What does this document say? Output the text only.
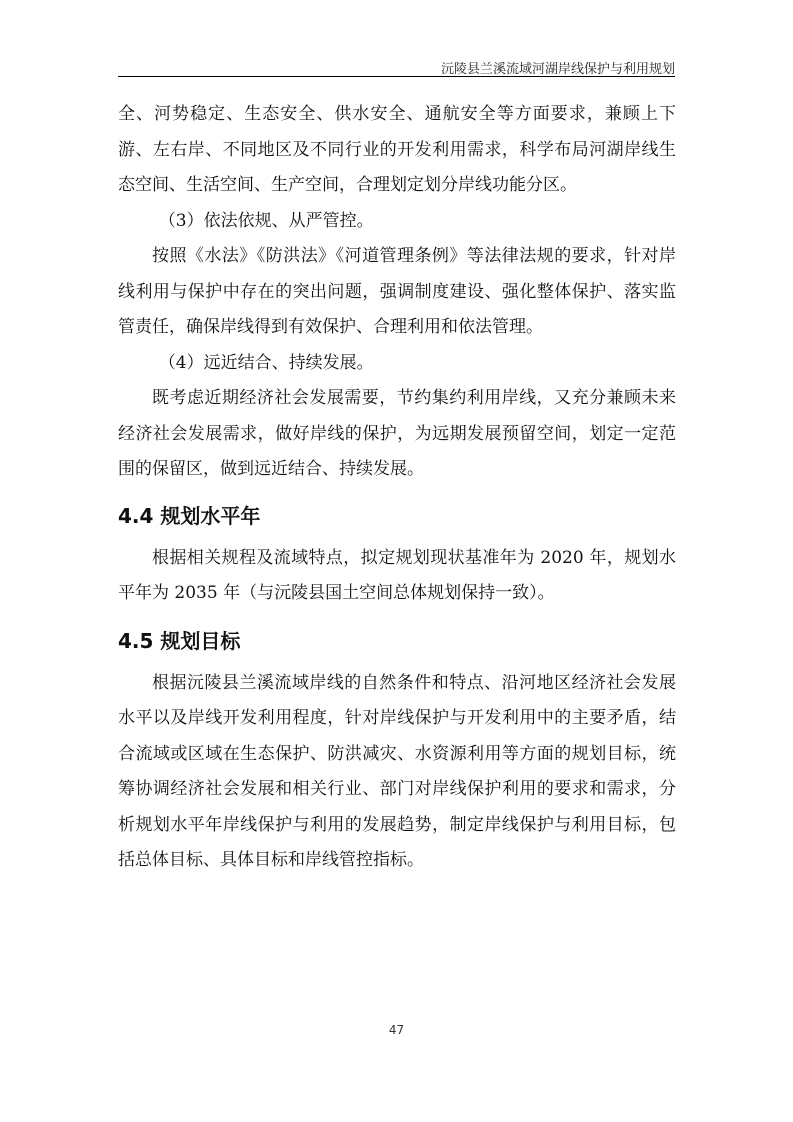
沅陵县兰溪流域河湖岸线保护与利用规划

全、河势稳定、生态安全、供水安全、通航安全等方面要求，兼顾上下游、左右岸、不同地区及不同行业的开发利用需求，科学布局河湖岸线生态空间、生活空间、生产空间，合理划定划分岸线功能分区。

（3）依法依规、从严管控。

按照《水法》《防洪法》《河道管理条例》等法律法规的要求，针对岸线利用与保护中存在的突出问题，强调制度建设、强化整体保护、落实监管责任，确保岸线得到有效保护、合理利用和依法管理。

（4）远近结合、持续发展。

既考虑近期经济社会发展需要，节约集约利用岸线，又充分兼顾未来经济社会发展需求，做好岸线的保护，为远期发展预留空间，划定一定范围的保留区，做到远近结合、持续发展。

4.4 规划水平年

根据相关规程及流域特点，拟定规划现状基准年为 2020 年，规划水平年为 2035 年（与沅陵县国土空间总体规划保持一致）。

4.5 规划目标

根据沅陵县兰溪流域岸线的自然条件和特点、沿河地区经济社会发展水平以及岸线开发利用程度，针对岸线保护与开发利用中的主要矛盾，结合流域或区域在生态保护、防洪减灾、水资源利用等方面的规划目标，统筹协调经济社会发展和相关行业、部门对岸线保护利用的要求和需求，分析规划水平年岸线保护与利用的发展趋势，制定岸线保护与利用目标，包括总体目标、具体目标和岸线管控指标。

47
